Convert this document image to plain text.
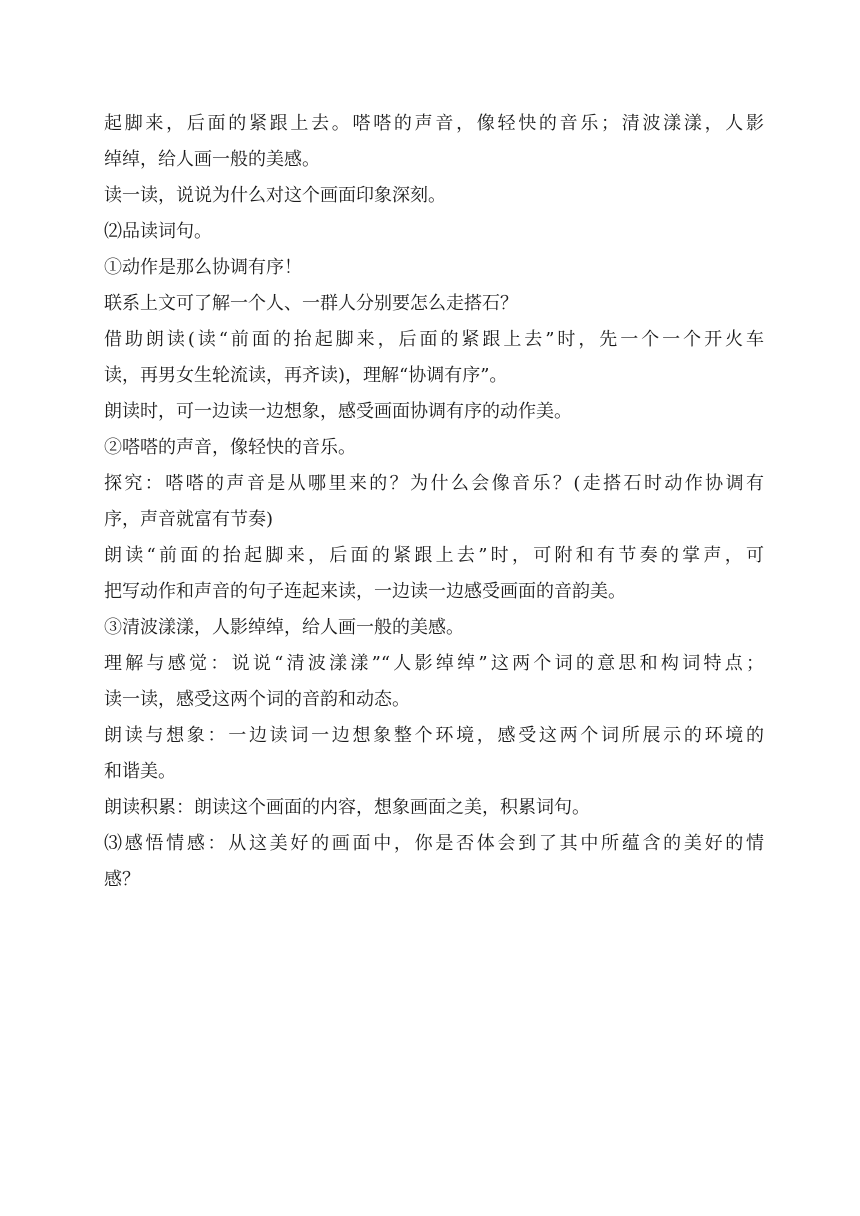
起脚来，后面的紧跟上去。嗒嗒的声音，像轻快的音乐；清波漾漾，人影
绰绰，给人画一般的美感。
读一读，说说为什么对这个画面印象深刻。
⑵品读词句。
①动作是那么协调有序！
联系上文可了解一个人、一群人分别要怎么走搭石？
借助朗读(读“前面的抬起脚来，后面的紧跟上去”时，先一个一个开火车
读，再男女生轮流读，再齐读)，理解“协调有序”。
朗读时，可一边读一边想象，感受画面协调有序的动作美。
②嗒嗒的声音，像轻快的音乐。
探究：嗒嗒的声音是从哪里来的？为什么会像音乐？(走搭石时动作协调有
序，声音就富有节奏)
朗读“前面的抬起脚来，后面的紧跟上去”时，可附和有节奏的掌声，可
把写动作和声音的句子连起来读，一边读一边感受画面的音韵美。
③清波漾漾，人影绰绰，给人画一般的美感。
理解与感觉：说说“清波漾漾”“人影绰绰”这两个词的意思和构词特点；
读一读，感受这两个词的音韵和动态。
朗读与想象：一边读词一边想象整个环境，感受这两个词所展示的环境的
和谐美。
朗读积累：朗读这个画面的内容，想象画面之美，积累词句。
⑶感悟情感：从这美好的画面中，你是否体会到了其中所蕴含的美好的情
感？
